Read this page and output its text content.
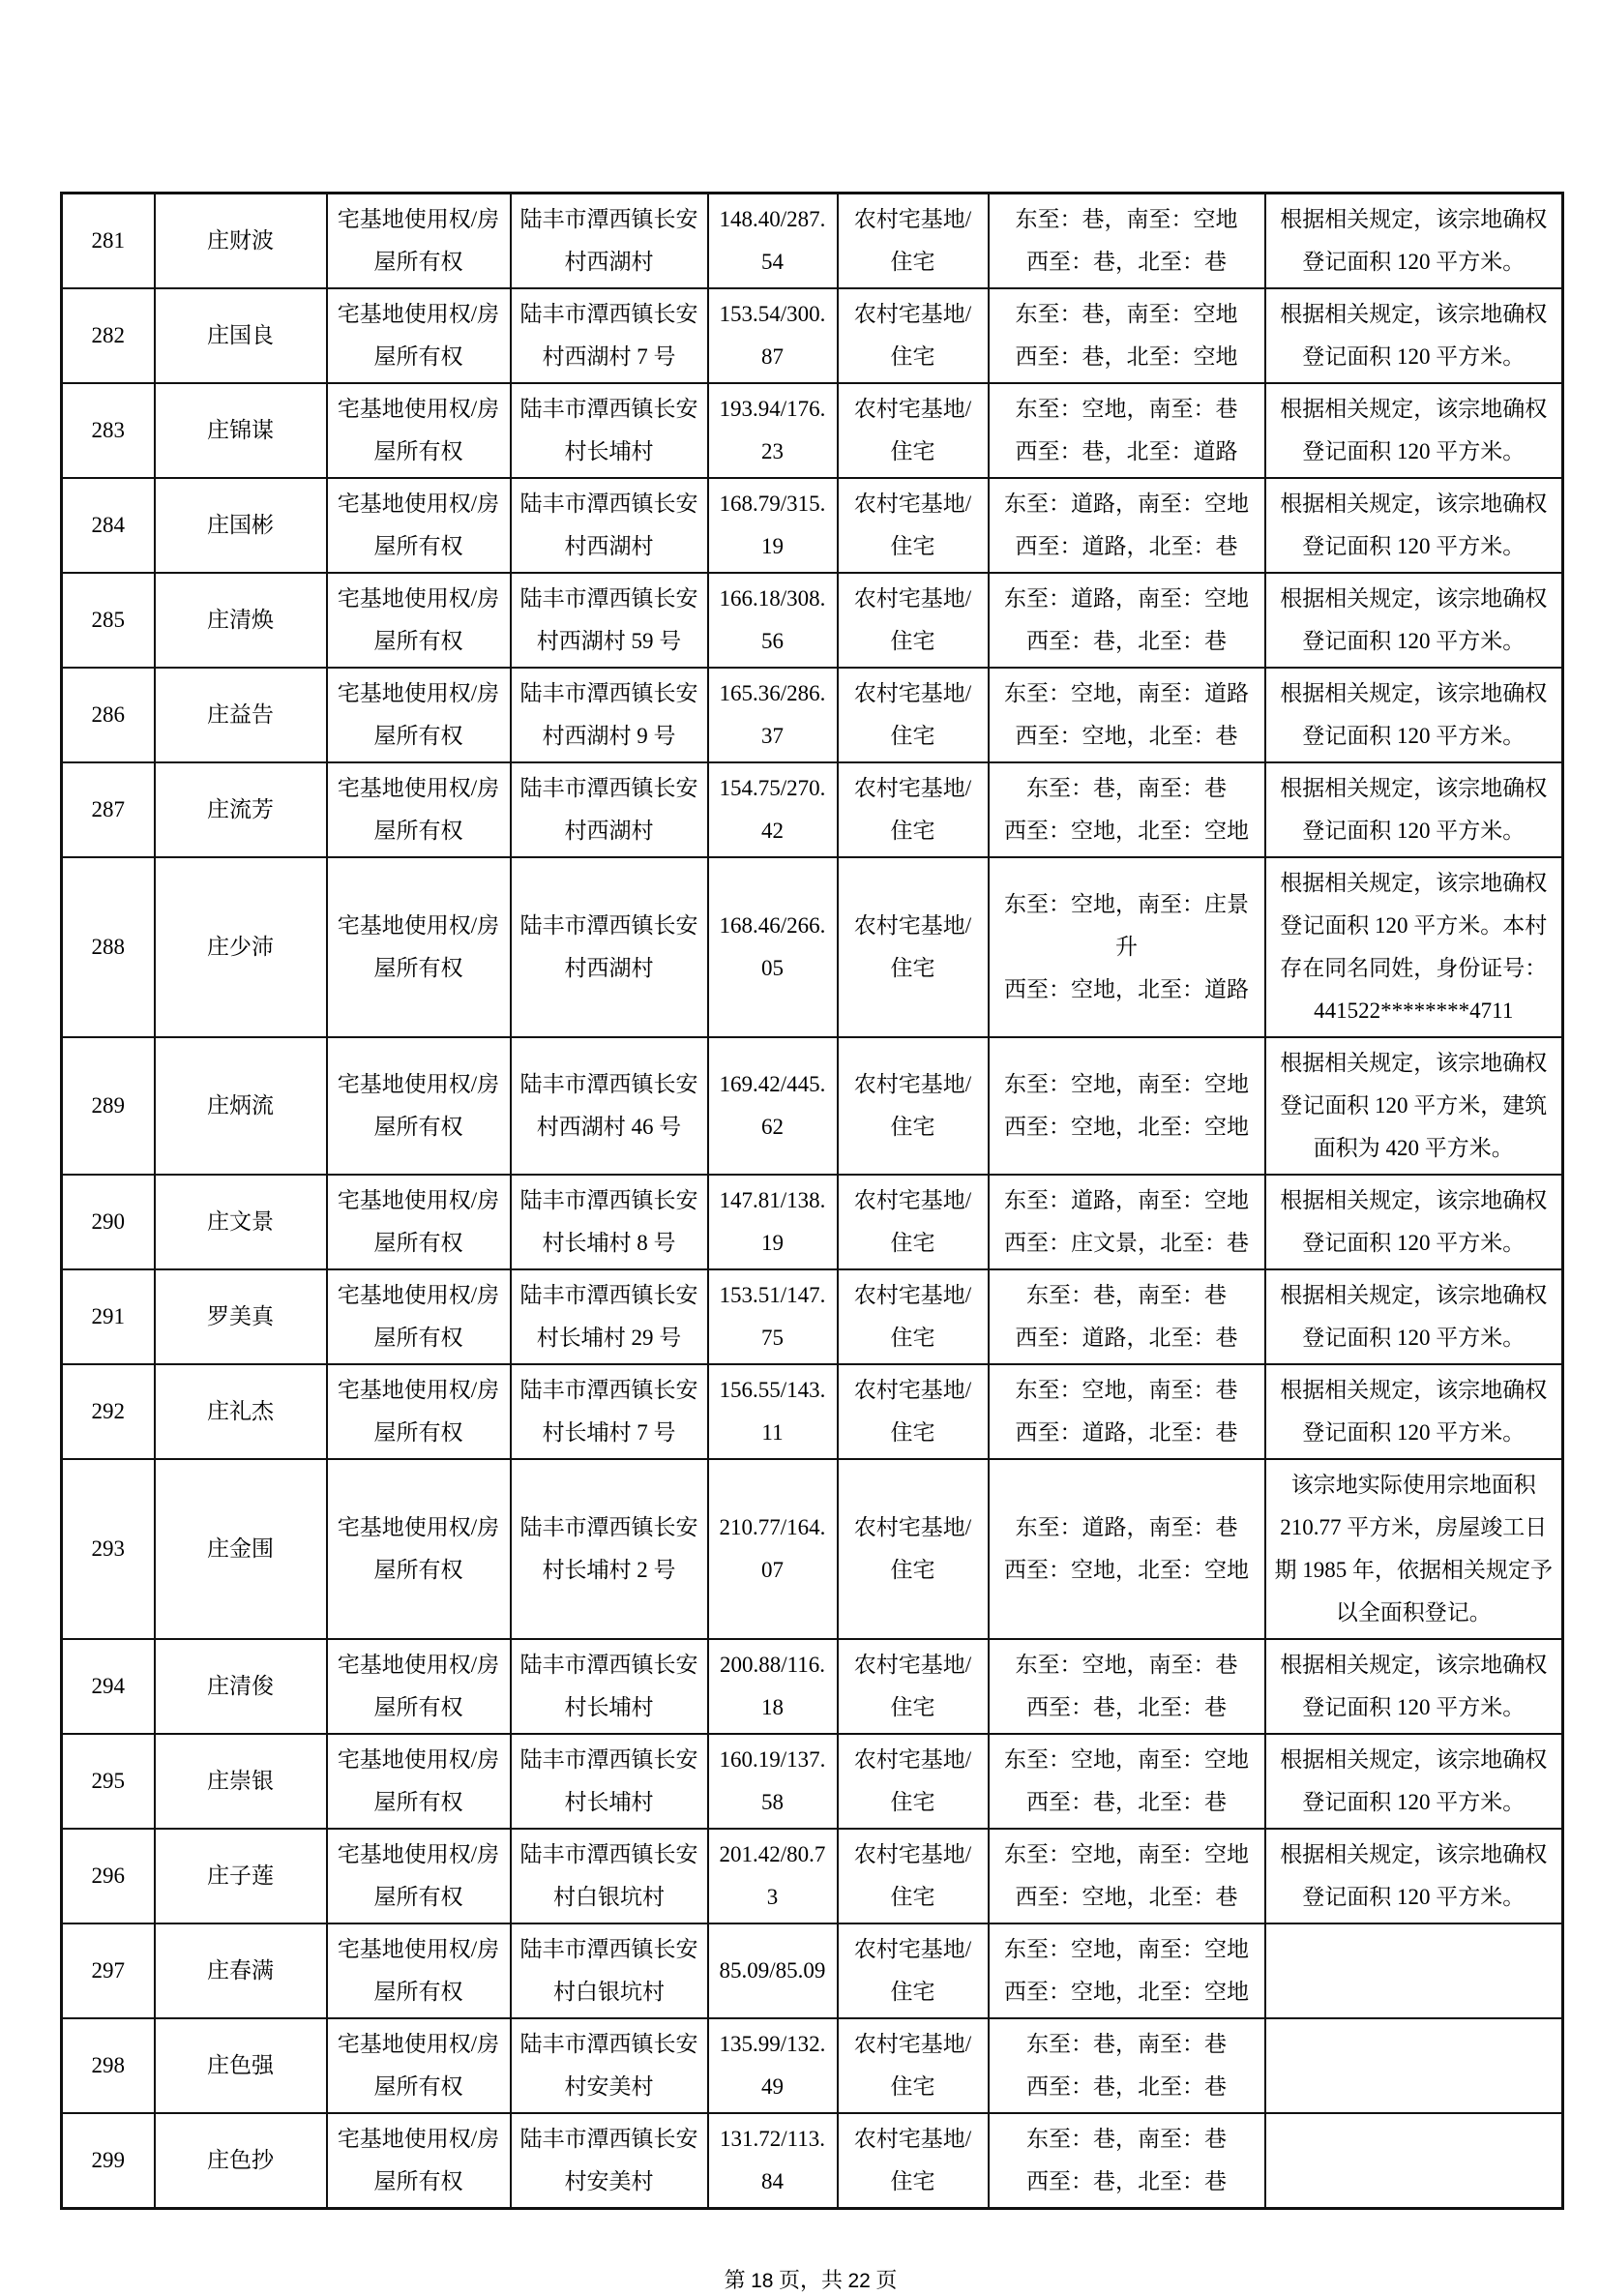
281	庄财波	宅基地使用权/房屋所有权	陆丰市潭西镇长安村西湖村	148.40/287.54	农村宅基地/住宅	东至：巷，南至：空地
西至：巷，北至：巷	根据相关规定，该宗地确权登记面积 120 平方米。
282	庄国良	宅基地使用权/房屋所有权	陆丰市潭西镇长安村西湖村 7 号	153.54/300.87	农村宅基地/住宅	东至：巷，南至：空地
西至：巷，北至：空地	根据相关规定，该宗地确权登记面积 120 平方米。
283	庄锦谋	宅基地使用权/房屋所有权	陆丰市潭西镇长安村长埔村	193.94/176.23	农村宅基地/住宅	东至：空地，南至：巷
西至：巷，北至：道路	根据相关规定，该宗地确权登记面积 120 平方米。
284	庄国彬	宅基地使用权/房屋所有权	陆丰市潭西镇长安村西湖村	168.79/315.19	农村宅基地/住宅	东至：道路，南至：空地
西至：道路，北至：巷	根据相关规定，该宗地确权登记面积 120 平方米。
285	庄清焕	宅基地使用权/房屋所有权	陆丰市潭西镇长安村西湖村 59 号	166.18/308.56	农村宅基地/住宅	东至：道路，南至：空地
西至：巷，北至：巷	根据相关规定，该宗地确权登记面积 120 平方米。
286	庄益告	宅基地使用权/房屋所有权	陆丰市潭西镇长安村西湖村 9 号	165.36/286.37	农村宅基地/住宅	东至：空地，南至：道路
西至：空地，北至：巷	根据相关规定，该宗地确权登记面积 120 平方米。
287	庄流芳	宅基地使用权/房屋所有权	陆丰市潭西镇长安村西湖村	154.75/270.42	农村宅基地/住宅	东至：巷，南至：巷
西至：空地，北至：空地	根据相关规定，该宗地确权登记面积 120 平方米。
288	庄少沛	宅基地使用权/房屋所有权	陆丰市潭西镇长安村西湖村	168.46/266.05	农村宅基地/住宅	东至：空地，南至：庄景升
西至：空地，北至：道路	根据相关规定，该宗地确权登记面积 120 平方米。本村存在同名同姓，身份证号：441522********4711
289	庄炳流	宅基地使用权/房屋所有权	陆丰市潭西镇长安村西湖村 46 号	169.42/445.62	农村宅基地/住宅	东至：空地，南至：空地
西至：空地，北至：空地	根据相关规定，该宗地确权登记面积 120 平方米，建筑面积为 420 平方米。
290	庄文景	宅基地使用权/房屋所有权	陆丰市潭西镇长安村长埔村 8 号	147.81/138.19	农村宅基地/住宅	东至：道路，南至：空地
西至：庄文景，北至：巷	根据相关规定，该宗地确权登记面积 120 平方米。
291	罗美真	宅基地使用权/房屋所有权	陆丰市潭西镇长安村长埔村 29 号	153.51/147.75	农村宅基地/住宅	东至：巷，南至：巷
西至：道路，北至：巷	根据相关规定，该宗地确权登记面积 120 平方米。
292	庄礼杰	宅基地使用权/房屋所有权	陆丰市潭西镇长安村长埔村 7 号	156.55/143.11	农村宅基地/住宅	东至：空地，南至：巷
西至：道路，北至：巷	根据相关规定，该宗地确权登记面积 120 平方米。
293	庄金围	宅基地使用权/房屋所有权	陆丰市潭西镇长安村长埔村 2 号	210.77/164.07	农村宅基地/住宅	东至：道路，南至：巷
西至：空地，北至：空地	该宗地实际使用宗地面积 210.77 平方米，房屋竣工日期 1985 年，依据相关规定予以全面积登记。
294	庄清俊	宅基地使用权/房屋所有权	陆丰市潭西镇长安村长埔村	200.88/116.18	农村宅基地/住宅	东至：空地，南至：巷
西至：巷，北至：巷	根据相关规定，该宗地确权登记面积 120 平方米。
295	庄崇银	宅基地使用权/房屋所有权	陆丰市潭西镇长安村长埔村	160.19/137.58	农村宅基地/住宅	东至：空地，南至：空地
西至：巷，北至：巷	根据相关规定，该宗地确权登记面积 120 平方米。
296	庄子莲	宅基地使用权/房屋所有权	陆丰市潭西镇长安村白银坑村	201.42/80.73	农村宅基地/住宅	东至：空地，南至：空地
西至：空地，北至：巷	根据相关规定，该宗地确权登记面积 120 平方米。
297	庄春满	宅基地使用权/房屋所有权	陆丰市潭西镇长安村白银坑村	85.09/85.09	农村宅基地/住宅	东至：空地，南至：空地
西至：空地，北至：空地	

298	庄色强	宅基地使用权/房屋所有权	陆丰市潭西镇长安村安美村	135.99/132.49	农村宅基地/住宅	东至：巷，南至：巷
西至：巷，北至：巷	

299	庄色抄	宅基地使用权/房屋所有权	陆丰市潭西镇长安村安美村	131.72/113.84	农村宅基地/住宅	东至：巷，南至：巷
西至：巷，北至：巷	

第 18 页，共 22 页
